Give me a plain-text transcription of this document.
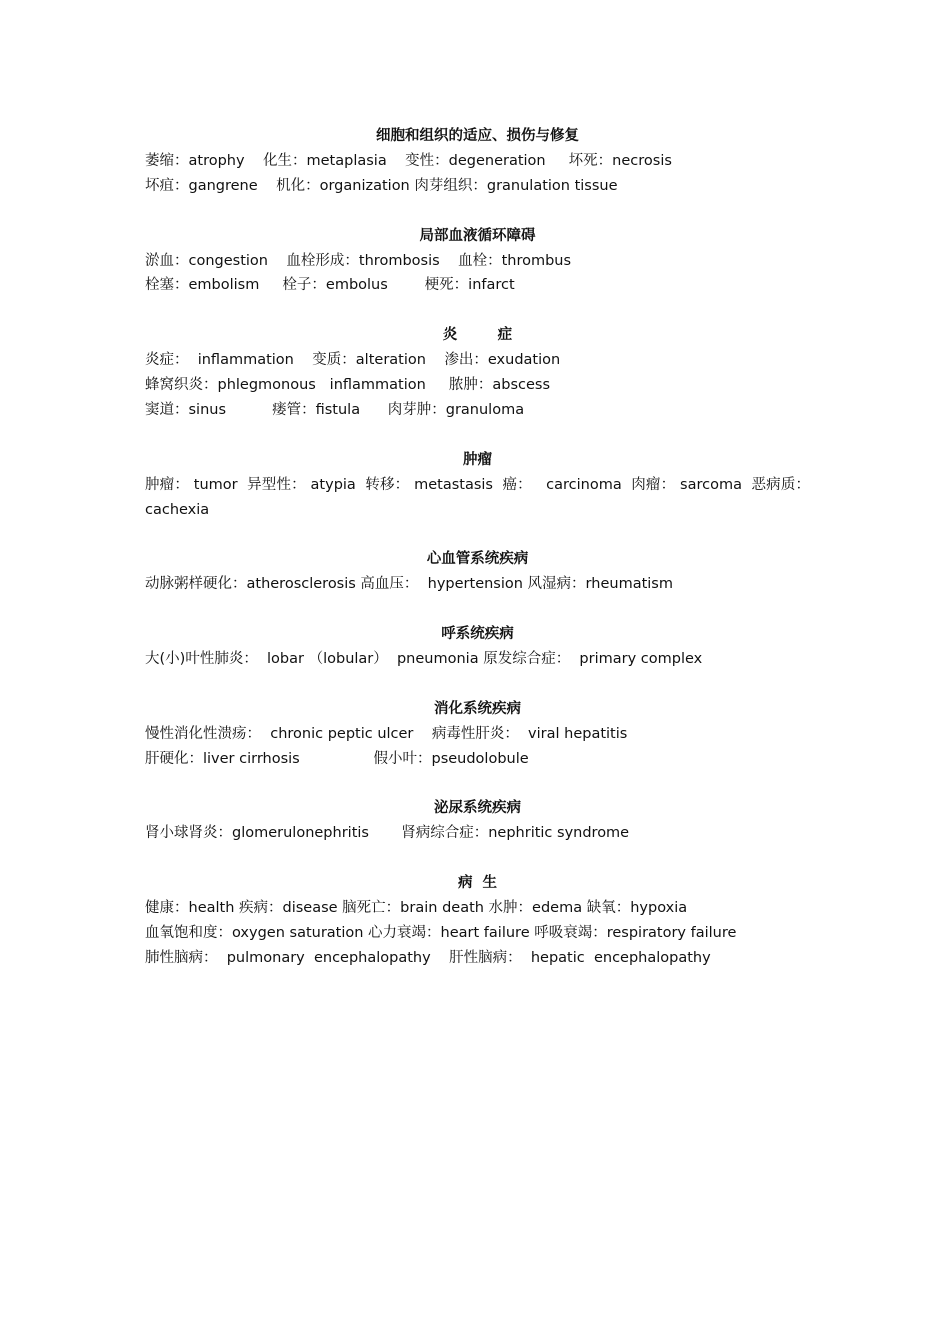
细胞和组织的适应、损伤与修复
萎缩：atrophy    化生：metaplasia    变性：degeneration     坏死：necrosis
坏疽：gangrene    机化：organization 肉芽组织：granulation tissue
局部血液循环障碍
淤血：congestion    血栓形成：thrombosis    血栓：thrombus
栓塞：embolism     栓子：embolus        梗死：infarct
炎        症
炎症：  inflammation    变质：alteration    渗出：exudation
蜂窝织炎：phlegmonous   inflammation     脓肿：abscess
窦道：sinus          瘘管：fistula      肉芽肿：granuloma
肿瘤
肿瘤： tumor  异型性： atypia  转移： metastasis  癌：   carcinoma  肉瘤： sarcoma  恶病质： cachexia
心血管系统疾病
动脉粥样硬化：atherosclerosis 高血压：  hypertension 风湿病：rheumatism
呼系统疾病
大(小)叶性肺炎：  lobar （lobular）  pneumonia 原发综合症：  primary complex
消化系统疾病
慢性消化性溃疡：  chronic peptic ulcer    病毒性肝炎：  viral hepatitis
肝硬化：liver cirrhosis                假小叶：pseudolobule
泌尿系统疾病
肾小球肾炎：glomerulonephritis       肾病综合症：nephritic syndrome
病  生
健康：health 疾病：disease 脑死亡：brain death 水肿：edema 缺氧：hypoxia
血氧饱和度：oxygen saturation 心力衰竭：heart failure 呼吸衰竭：respiratory failure
肺性脑病：  pulmonary  encephalopathy    肝性脑病：  hepatic  encephalopathy
